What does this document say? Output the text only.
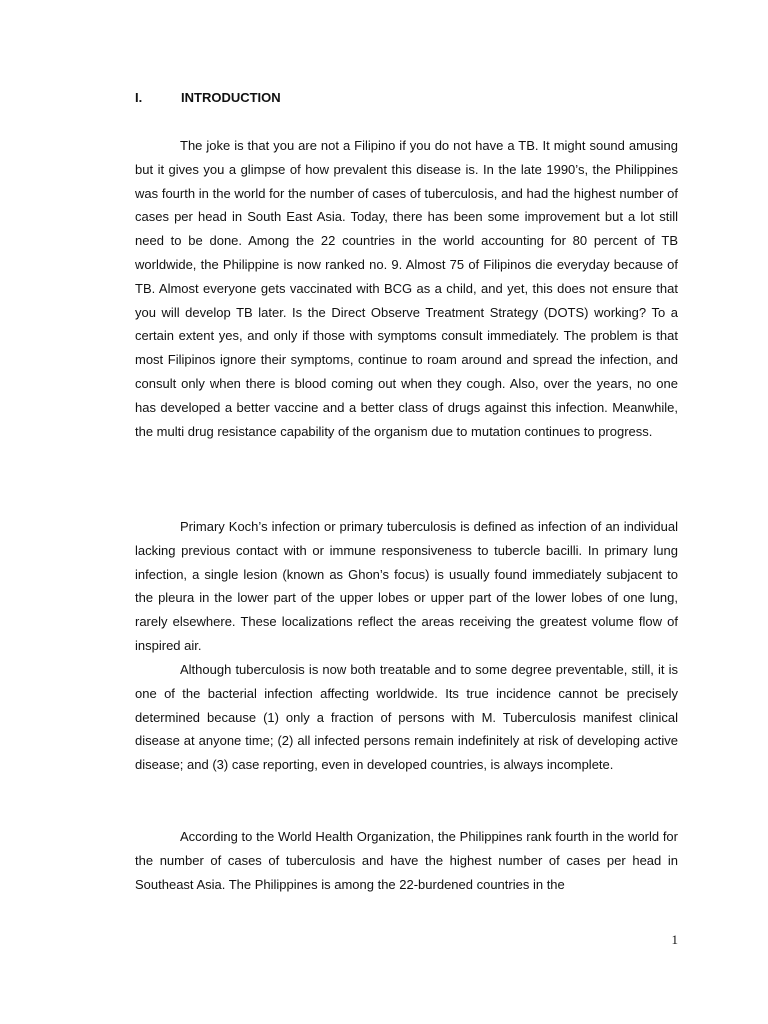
I.	INTRODUCTION

The joke is that you are not a Filipino if you do not have a TB. It might sound amusing but it gives you a glimpse of how prevalent this disease is. In the late 1990’s, the Philippines was fourth in the world for the number of cases of tuberculosis, and had the highest number of cases per head in South East Asia. Today, there has been some improvement but a lot still need to be done. Among the 22 countries in the world accounting for 80 percent of TB worldwide, the Philippine is now ranked no. 9. Almost 75 of Filipinos die everyday because of TB. Almost everyone gets vaccinated with BCG as a child, and yet, this does not ensure that you will develop TB later. Is the Direct Observe Treatment Strategy (DOTS) working? To a certain extent yes, and only if those with symptoms consult immediately. The problem is that most Filipinos ignore their symptoms, continue to roam around and spread the infection, and consult only when there is blood coming out when they cough. Also, over the years, no one has developed a better vaccine and a better class of drugs against this infection. Meanwhile, the multi drug resistance capability of the organism due to mutation continues to progress.

Primary Koch’s infection or primary tuberculosis is defined as infection of an individual lacking previous contact with or immune responsiveness to tubercle bacilli. In primary lung infection, a single lesion (known as Ghon’s focus) is usually found immediately subjacent to the pleura in the lower part of the upper lobes or upper part of the lower lobes of one lung, rarely elsewhere. These localizations reflect the areas receiving the greatest volume flow of inspired air.

Although tuberculosis is now both treatable and to some degree preventable, still, it is one of the bacterial infection affecting worldwide. Its true incidence cannot be precisely determined because (1) only a fraction of persons with M. Tuberculosis manifest clinical disease at anyone time; (2) all infected persons remain indefinitely at risk of developing active disease; and (3) case reporting, even in developed countries, is always incomplete.

According to the World Health Organization, the Philippines rank fourth in the world for the number of cases of tuberculosis and have the highest number of cases per head in Southeast Asia. The Philippines is among the 22-burdened countries in the

1
